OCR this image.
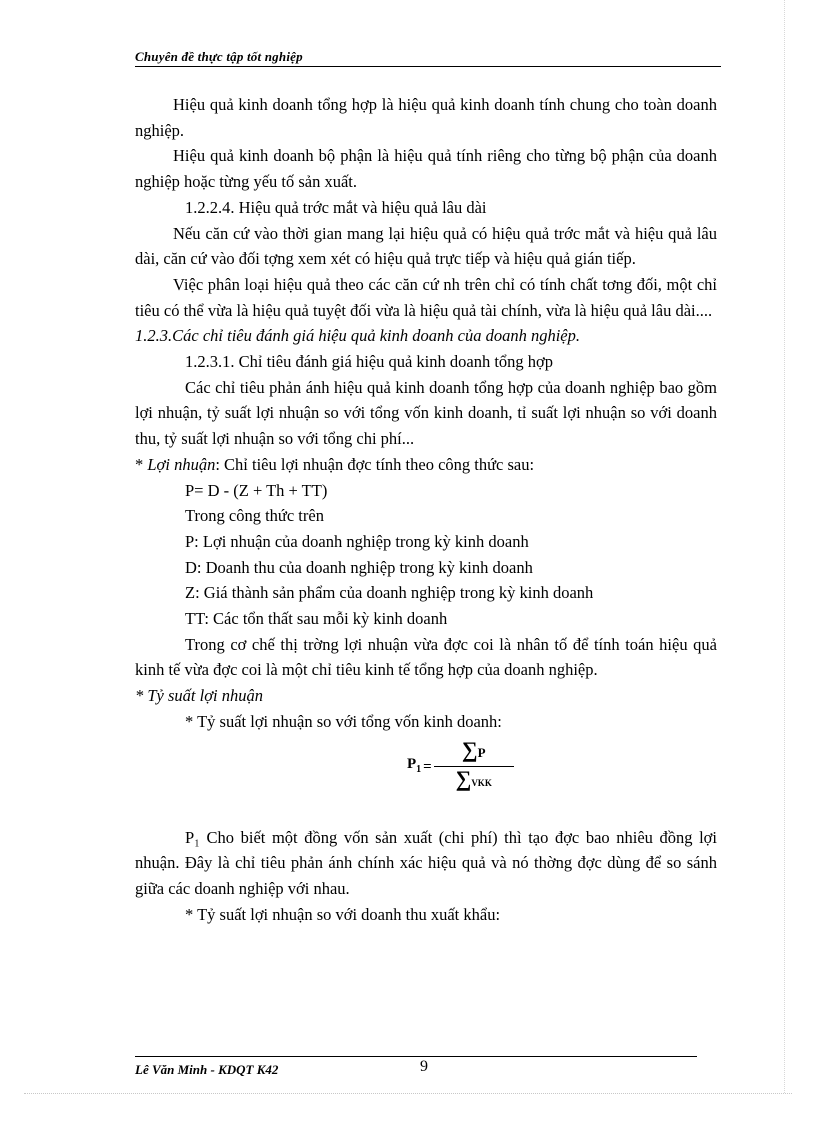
Chuyên đề thực tập tốt nghiệp

Hiệu quả kinh doanh tổng hợp là hiệu quả kinh doanh tính chung cho toàn doanh nghiệp.

Hiệu quả kinh doanh bộ phận là hiệu quả tính riêng cho từng bộ phận của doanh nghiệp hoặc từng yếu tố sản xuất.

1.2.2.4. Hiệu quả trớc mắt và hiệu quả lâu dài

Nếu căn cứ vào thời gian mang lại hiệu quả có hiệu quả trớc mắt và hiệu quả lâu dài, căn cứ vào đối tợng xem xét có hiệu quả trực tiếp và hiệu quả gián tiếp.

Việc phân loại hiệu quả theo các căn cứ nh trên chỉ có tính chất tơng đối, một chỉ tiêu có thể vừa là hiệu quả tuyệt đối vừa là hiệu quả tài chính, vừa là hiệu quả lâu dài....

1.2.3.Các chỉ tiêu đánh giá hiệu quả kinh doanh của doanh nghiệp.

1.2.3.1. Chỉ tiêu đánh giá hiệu quả kinh doanh tổng hợp

Các chỉ tiêu phản ánh hiệu quả kinh doanh tổng hợp của doanh nghiệp bao gồm lợi nhuận, tỷ suất lợi nhuận so với tổng vốn kinh doanh, tỉ suất lợi nhuận so với doanh thu, tỷ suất lợi nhuận so với tổng chi phí...

* Lợi nhuận: Chỉ tiêu lợi nhuận đợc tính theo công thức sau:

P= D - (Z + Th + TT)

Trong công thức trên

P: Lợi nhuận của doanh nghiệp trong kỳ kinh doanh

D: Doanh thu của doanh nghiệp trong kỳ kinh doanh

Z: Giá thành sản phẩm của doanh nghiệp trong kỳ kinh doanh

TT: Các tổn thất sau mỗi kỳ kinh doanh

Trong cơ chế thị trờng lợi nhuận vừa đợc coi là nhân tố để tính toán hiệu quả kinh tế vừa đợc coi là một chỉ tiêu kinh tế tổng hợp của doanh nghiệp.

* Tỷ suất lợi nhuận

* Tỷ suất lợi nhuận so với tổng vốn kinh doanh:

$P_1 = \frac{\sum P}{\text{∑ VKK}}$

P₁ Cho biết một đồng vốn sản xuất (chi phí) thì tạo đợc bao nhiêu đồng lợi nhuận. Đây là chỉ tiêu phản ánh chính xác hiệu quả và nó thờng đợc dùng để so sánh giữa các doanh nghiệp với nhau.

* Tỷ suất lợi nhuận so với doanh thu xuất khẩu:

Lê Văn Minh - KDQT K42	9
